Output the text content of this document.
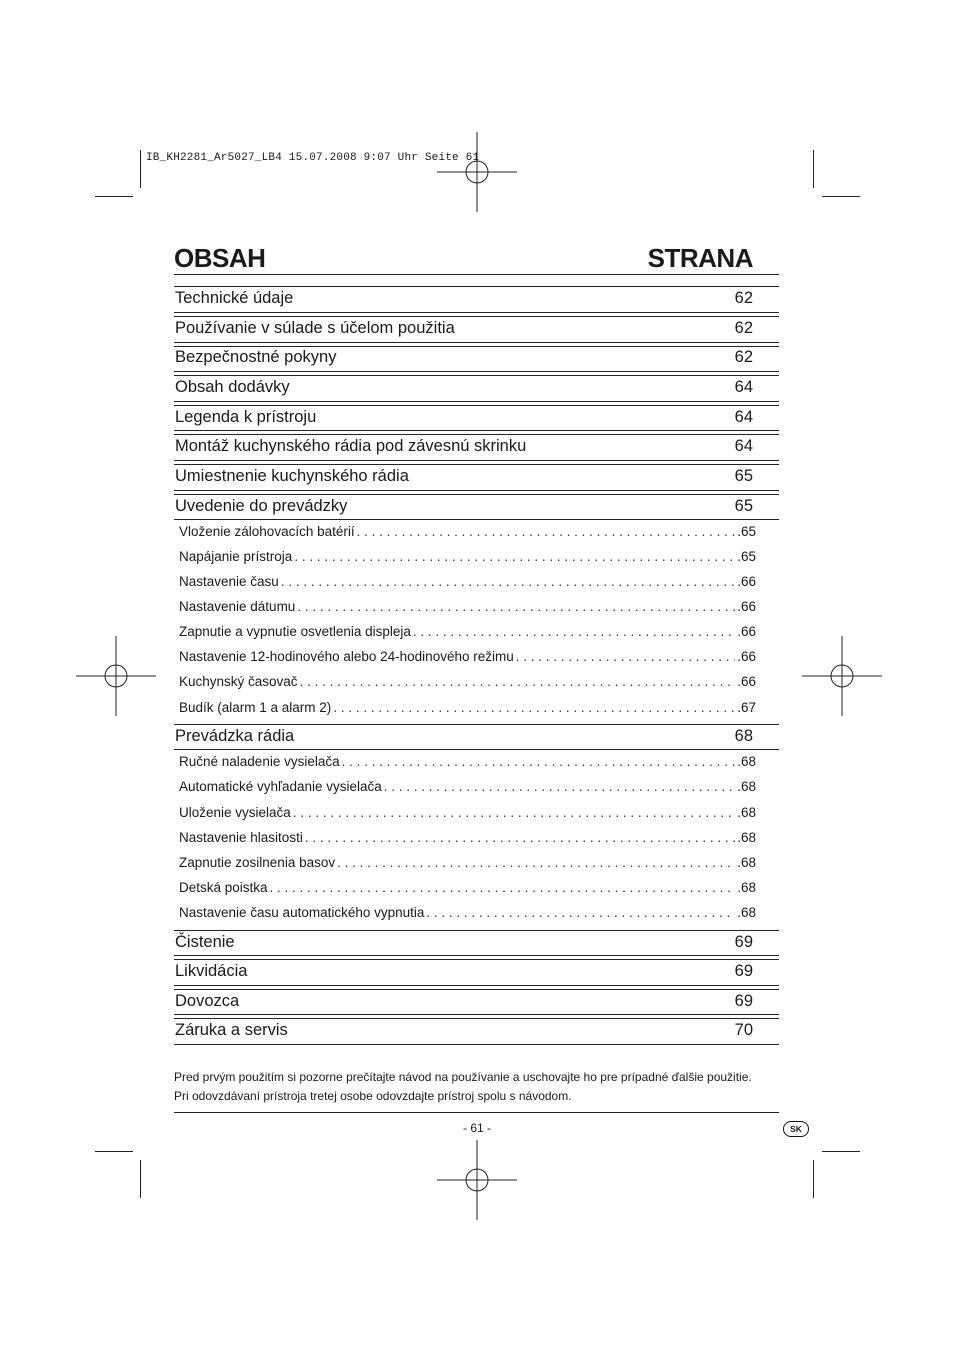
IB_KH2281_Ar5027_LB4 15.07.2008 9:07 Uhr Seite 61
OBSAH	STRANA
Technické údaje	62
Používanie v súlade s účelom použitia	62
Bezpečnostné pokyny	62
Obsah dodávky	64
Legenda k prístroju	64
Montáž kuchynského rádia pod závesnú skrinku	64
Umiestnenie kuchynského rádia	65
Uvedenie do prevádzky	65
Vloženie zálohovacích batérií . . .	.65
Napájanie prístroja . . .	.65
Nastavenie času . . .	.66
Nastavenie dátumu . . .	.66
Zapnutie a vypnutie osvetlenia displeja . . .	.66
Nastavenie 12-hodinového alebo 24-hodinového režimu . . .	.66
Kuchynský časovač . . .	.66
Budík (alarm 1 a alarm 2) . . .	.67
Prevádzka rádia	68
Ručné naladenie vysielača . . .	.68
Automatické vyhľadanie vysielača . . .	.68
Uloženie vysielača . . .	.68
Nastavenie hlasitosti . . .	.68
Zapnutie zosilnenia basov . . .	.68
Detská poistka . . .	.68
Nastavenie času automatického vypnutia . . .	.68
Čistenie	69
Likvidácia	69
Dovozca	69
Záruka a servis	70
Pred prvým použitím si pozorne prečítajte návod na používanie a uschovajte ho pre prípadné ďalšie použitie.
Pri odovzdávaní prístroja tretej osobe odovzdajte prístroj spolu s návodom.
- 61 -	SK
